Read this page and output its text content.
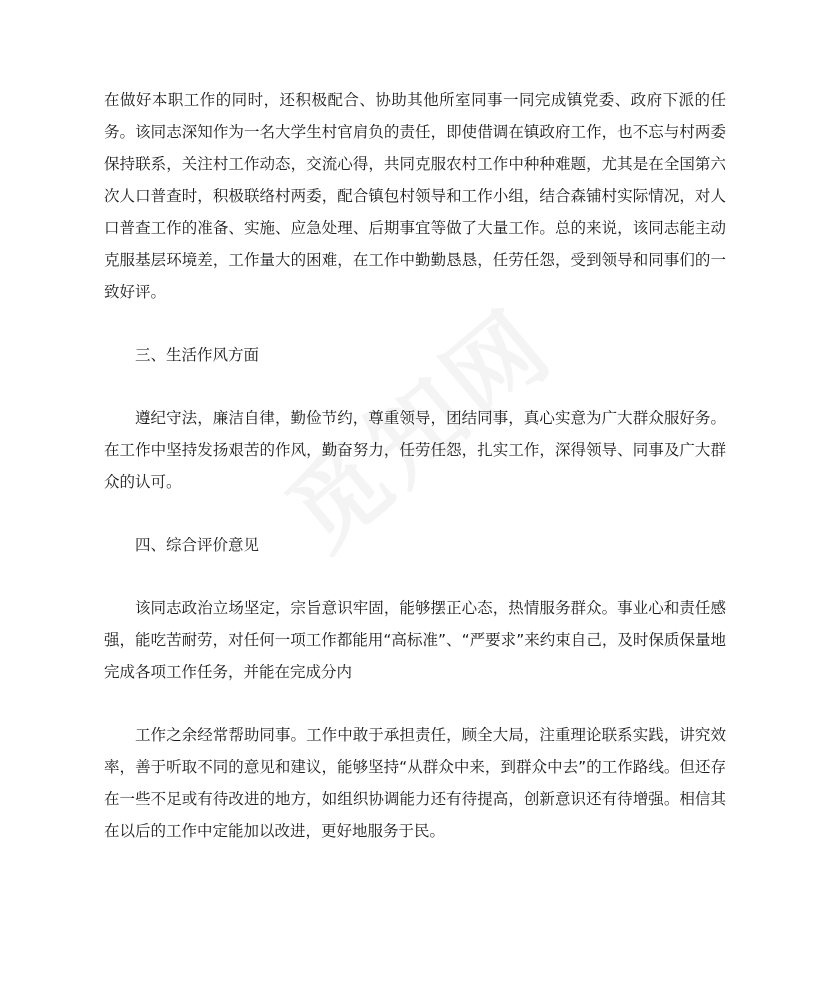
在做好本职工作的同时，还积极配合、协助其他所室同事一同完成镇党委、政府下派的任务。该同志深知作为一名大学生村官肩负的责任，即使借调在镇政府工作，也不忘与村两委保持联系，关注村工作动态，交流心得，共同克服农村工作中种种难题，尤其是在全国第六次人口普查时，积极联络村两委，配合镇包村领导和工作小组，结合森铺村实际情况，对人口普查工作的准备、实施、应急处理、后期事宜等做了大量工作。总的来说，该同志能主动克服基层环境差，工作量大的困难，在工作中勤勤恳恳，任劳任怨，受到领导和同事们的一致好评。

三、生活作风方面

遵纪守法，廉洁自律，勤俭节约，尊重领导，团结同事，真心实意为广大群众服好务。在工作中坚持发扬艰苦的作风，勤奋努力，任劳任怨，扎实工作，深得领导、同事及广大群众的认可。

四、综合评价意见

该同志政治立场坚定，宗旨意识牢固，能够摆正心态，热情服务群众。事业心和责任感强，能吃苦耐劳，对任何一项工作都能用“高标准”、“严要求”来约束自己，及时保质保量地完成各项工作任务，并能在完成分内

工作之余经常帮助同事。工作中敢于承担责任，顾全大局，注重理论联系实践，讲究效率，善于听取不同的意见和建议，能够坚持“从群众中来，到群众中去”的工作路线。但还存在一些不足或有待改进的地方，如组织协调能力还有待提高，创新意识还有待增强。相信其在以后的工作中定能加以改进，更好地服务于民。
